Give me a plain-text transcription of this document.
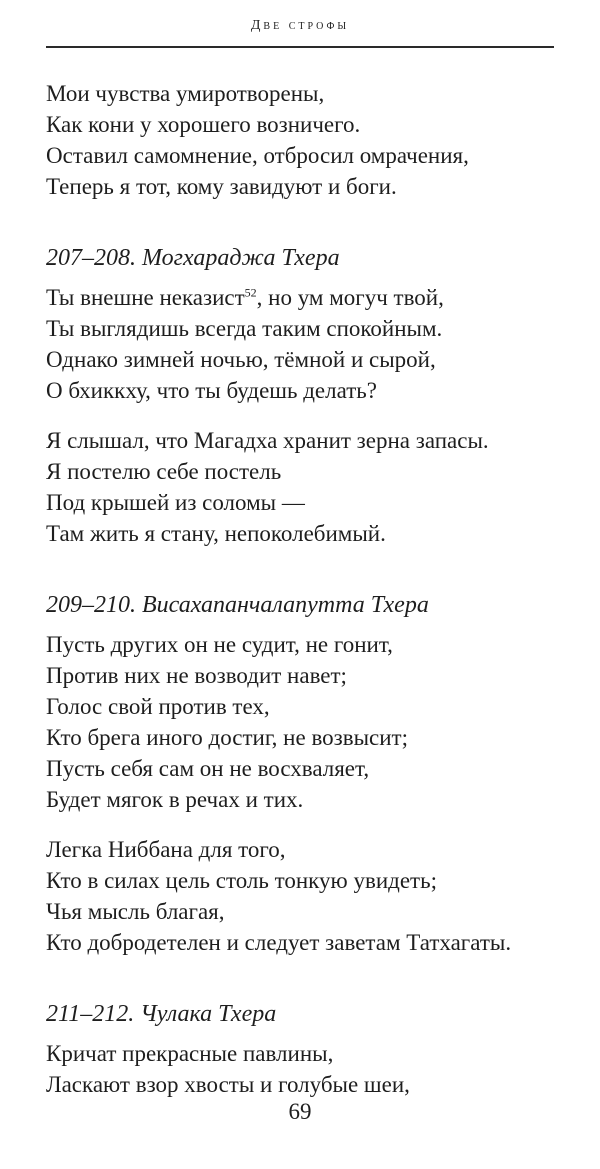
Две строфы
Мои чувства умиротворены,
Как кони у хорошего возничего.
Оставил самомнение, отбросил омрачения,
Теперь я тот, кому завидуют и боги.
207–208. Могхараджа Тхера
Ты внешне неказист$^{52}$, но ум могуч твой,
Ты выглядишь всегда таким спокойным.
Однако зимней ночью, тёмной и сырой,
О бхиккху, что ты будешь делать?
Я слышал, что Магадха хранит зерна запасы.
Я постелю себе постель
Под крышей из соломы —
Там жить я стану, непоколебимый.
209–210. Висахапанчалапутта Тхера
Пусть других он не судит, не гонит,
Против них не возводит навет;
Голос свой против тех,
Кто брега иного достиг, не возвысит;
Пусть себя сам он не восхваляет,
Будет мягок в речах и тих.
Легка Ниббана для того,
Кто в силах цель столь тонкую увидеть;
Чья мысль благая,
Кто добродетелен и следует заветам Татхагаты.
211–212. Чулака Тхера
Кричат прекрасные павлины,
Ласкают взор хвосты и голубые шеи,
69
